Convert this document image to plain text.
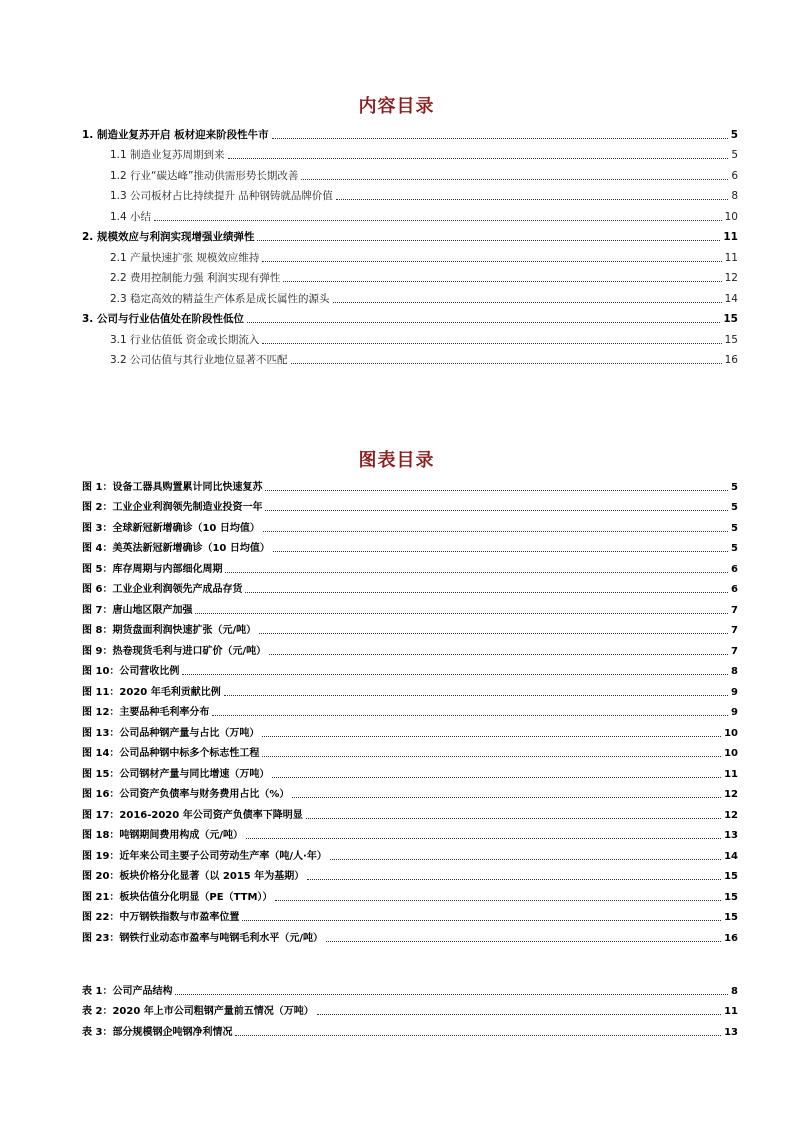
内容目录
1. 制造业复苏开启 板材迎来阶段性牛市	5
1.1 制造业复苏周期到来	5
1.2 行业“碳达峰”推动供需形势长期改善	6
1.3 公司板材占比持续提升 品种钢铸就品牌价值	8
1.4 小结	10
2. 规模效应与利润实现增强业绩弹性	11
2.1 产量快速扩张 规模效应维持	11
2.2 费用控制能力强 利润实现有弹性	12
2.3 稳定高效的精益生产体系是成长属性的源头	14
3. 公司与行业估值处在阶段性低位	15
3.1 行业估值低 资金或长期流入	15
3.2 公司估值与其行业地位显著不匹配	16
图表目录
图 1：设备工器具购置累计同比快速复苏	5
图 2：工业企业利润领先制造业投资一年	5
图 3：全球新冠新增确诊（10 日均值）	5
图 4：美英法新冠新增确诊（10 日均值）	5
图 5：库存周期与内部细化周期	6
图 6：工业企业利润领先产成品存货	6
图 7：唐山地区限产加强	7
图 8：期货盘面利润快速扩张（元/吨）	7
图 9：热卷现货毛利与进口矿价（元/吨）	7
图 10：公司营收比例	8
图 11：2020 年毛利贡献比例	9
图 12：主要品种毛利率分布	9
图 13：公司品种钢产量与占比（万吨）	10
图 14：公司品种钢中标多个标志性工程	10
图 15：公司钢材产量与同比增速（万吨）	11
图 16：公司资产负债率与财务费用占比（%）	12
图 17：2016-2020 年公司资产负债率下降明显	12
图 18：吨钢期间费用构成（元/吨）	13
图 19：近年来公司主要子公司劳动生产率（吨/人·年）	14
图 20：板块价格分化显著（以 2015 年为基期）	15
图 21：板块估值分化明显（PE（TTM））	15
图 22：中万钢铁指数与市盈率位置	15
图 23：钢铁行业动态市盈率与吨钢毛利水平（元/吨）	16
表 1：公司产品结构	8
表 2：2020 年上市公司粗钢产量前五情况（万吨）	11
表 3：部分规模钢企吨钢净利情况	13
